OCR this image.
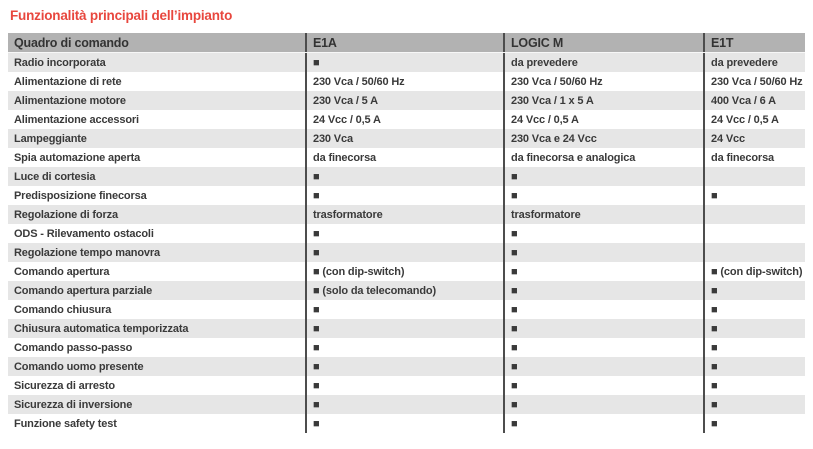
Funzionalità principali dell’impianto
Quadro di comando	E1A	LOGIC M	E1T
Radio incorporata	■	da prevedere	da prevedere
Alimentazione di rete	230 Vca / 50/60 Hz	230 Vca / 50/60 Hz	230 Vca / 50/60 Hz
Alimentazione motore	230 Vca / 5 A	230 Vca / 1 x 5 A	400 Vca / 6 A
Alimentazione accessori	24 Vcc / 0,5 A	24 Vcc / 0,5 A	24 Vcc / 0,5 A
Lampeggiante	230 Vca	230 Vca e 24 Vcc	24 Vcc
Spia automazione aperta	da finecorsa	da finecorsa e analogica	da finecorsa
Luce di cortesia	■	■
Predisposizione finecorsa	■	■	■
Regolazione di forza	trasformatore	trasformatore
ODS - Rilevamento ostacoli	■	■
Regolazione tempo manovra	■	■
Comando apertura	■ (con dip-switch)	■	■ (con dip-switch)
Comando apertura parziale	■ (solo da telecomando)	■	■
Comando chiusura	■	■	■
Chiusura automatica temporizzata	■	■	■
Comando passo-passo	■	■	■
Comando uomo presente	■	■	■
Sicurezza di arresto	■	■	■
Sicurezza di inversione	■	■	■
Funzione safety test	■	■	■
